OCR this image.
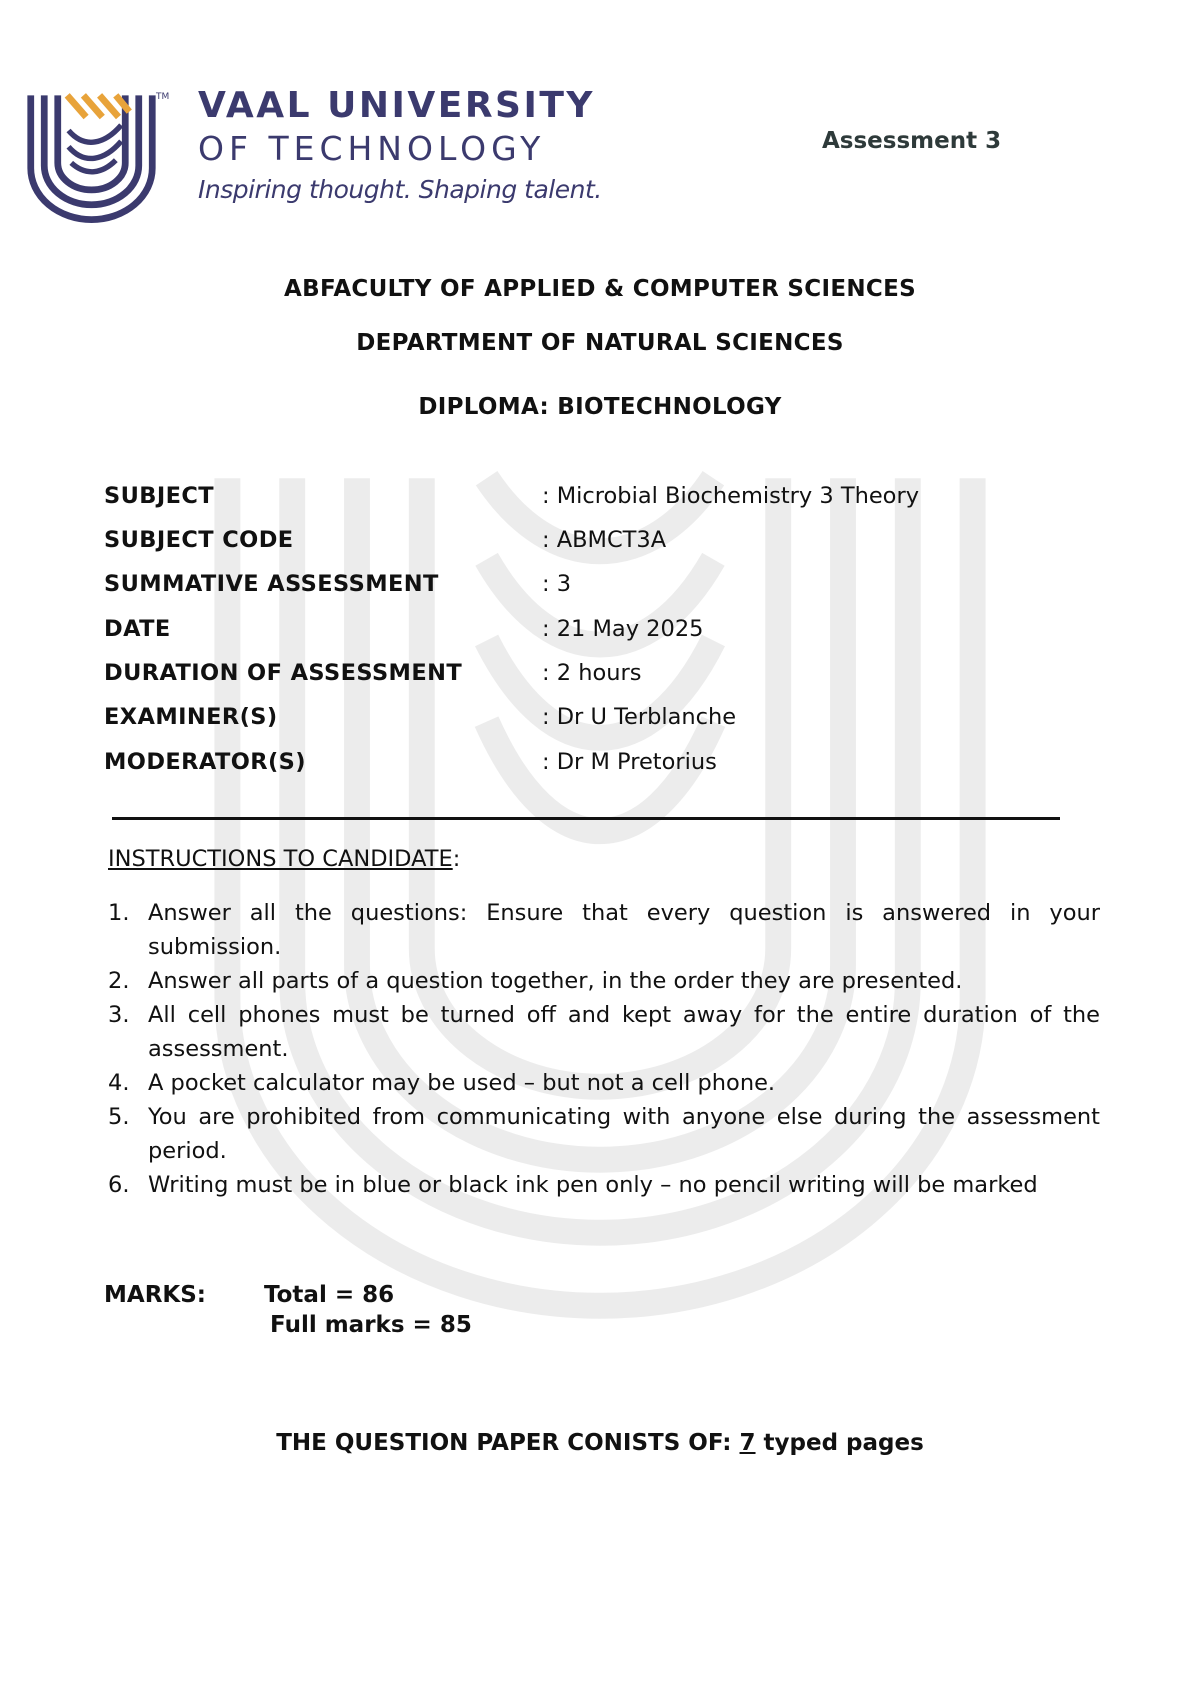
TM VAAL UNIVERSITY
OF TECHNOLOGY
Inspiring thought. Shaping talent.
Assessment 3
ABFACULTY OF APPLIED & COMPUTER SCIENCES
DEPARTMENT OF NATURAL SCIENCES
DIPLOMA: BIOTECHNOLOGY
SUBJECT	: Microbial Biochemistry 3 Theory
SUBJECT CODE	: ABMCT3A
SUMMATIVE ASSESSMENT	: 3
DATE	: 21 May 2025
DURATION OF ASSESSMENT	: 2 hours
EXAMINER(S)	: Dr U Terblanche
MODERATOR(S)	: Dr M Pretorius
INSTRUCTIONS TO CANDIDATE:
1. Answer all the questions: Ensure that every question is answered in your submission.
2. Answer all parts of a question together, in the order they are presented.
3. All cell phones must be turned off and kept away for the entire duration of the assessment.
4. A pocket calculator may be used – but not a cell phone.
5. You are prohibited from communicating with anyone else during the assessment period.
6. Writing must be in blue or black ink pen only – no pencil writing will be marked
MARKS:	Total = 86
Full marks = 85
THE QUESTION PAPER CONISTS OF: 7 typed pages
